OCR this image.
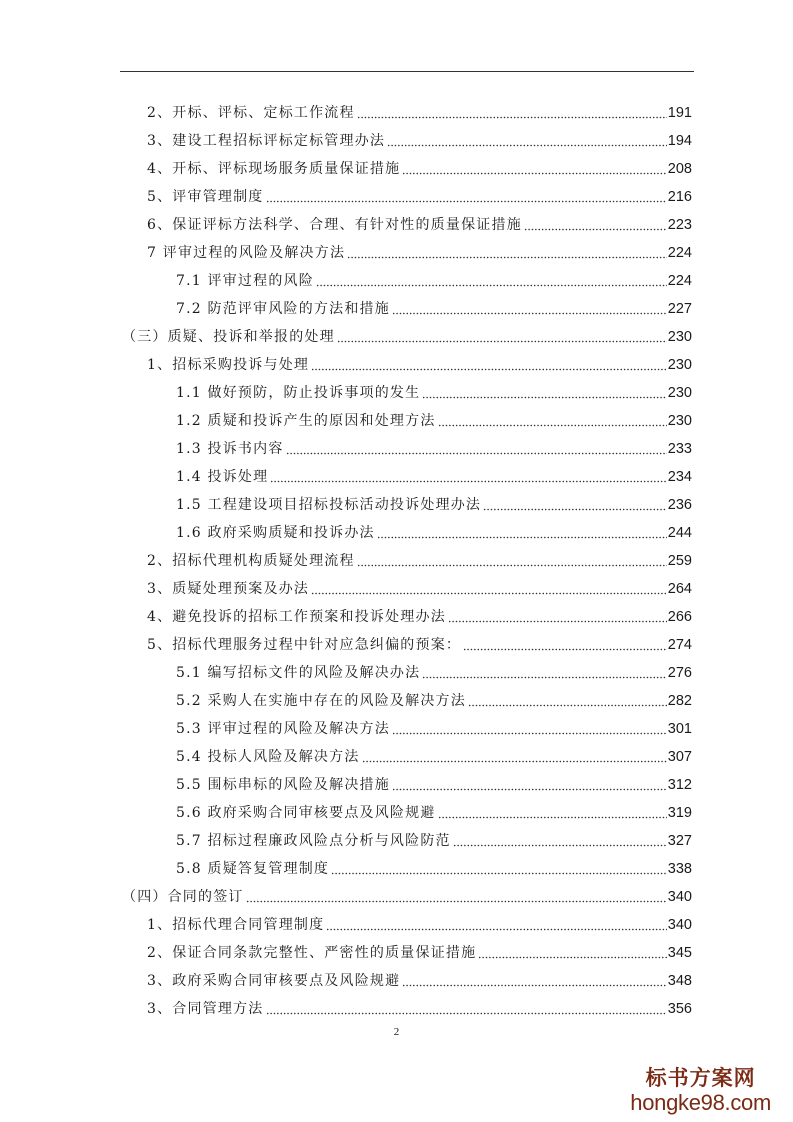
2、开标、评标、定标工作流程	191
3、建设工程招标评标定标管理办法	194
4、开标、评标现场服务质量保证措施	208
5、评审管理制度	216
6、保证评标方法科学、合理、有针对性的质量保证措施	223
7 评审过程的风险及解决方法	224
7.1 评审过程的风险	224
7.2 防范评审风险的方法和措施	227
（三）质疑、投诉和举报的处理	230
1、招标采购投诉与处理	230
1.1 做好预防，防止投诉事项的发生	230
1.2 质疑和投诉产生的原因和处理方法	230
1.3 投诉书内容	233
1.4 投诉处理	234
1.5 工程建设项目招标投标活动投诉处理办法	236
1.6 政府采购质疑和投诉办法	244
2、招标代理机构质疑处理流程	259
3、质疑处理预案及办法	264
4、避免投诉的招标工作预案和投诉处理办法	266
5、招标代理服务过程中针对应急纠偏的预案：	274
5.1 编写招标文件的风险及解决办法	276
5.2 采购人在实施中存在的风险及解决方法	282
5.3 评审过程的风险及解决方法	301
5.4 投标人风险及解决方法	307
5.5 围标串标的风险及解决措施	312
5.6 政府采购合同审核要点及风险规避	319
5.7 招标过程廉政风险点分析与风险防范	327
5.8 质疑答复管理制度	338
（四）合同的签订	340
1、招标代理合同管理制度	340
2、保证合同条款完整性、严密性的质量保证措施	345
3、政府采购合同审核要点及风险规避	348
3、合同管理方法	356
2
标书方案网
hongke98.com
